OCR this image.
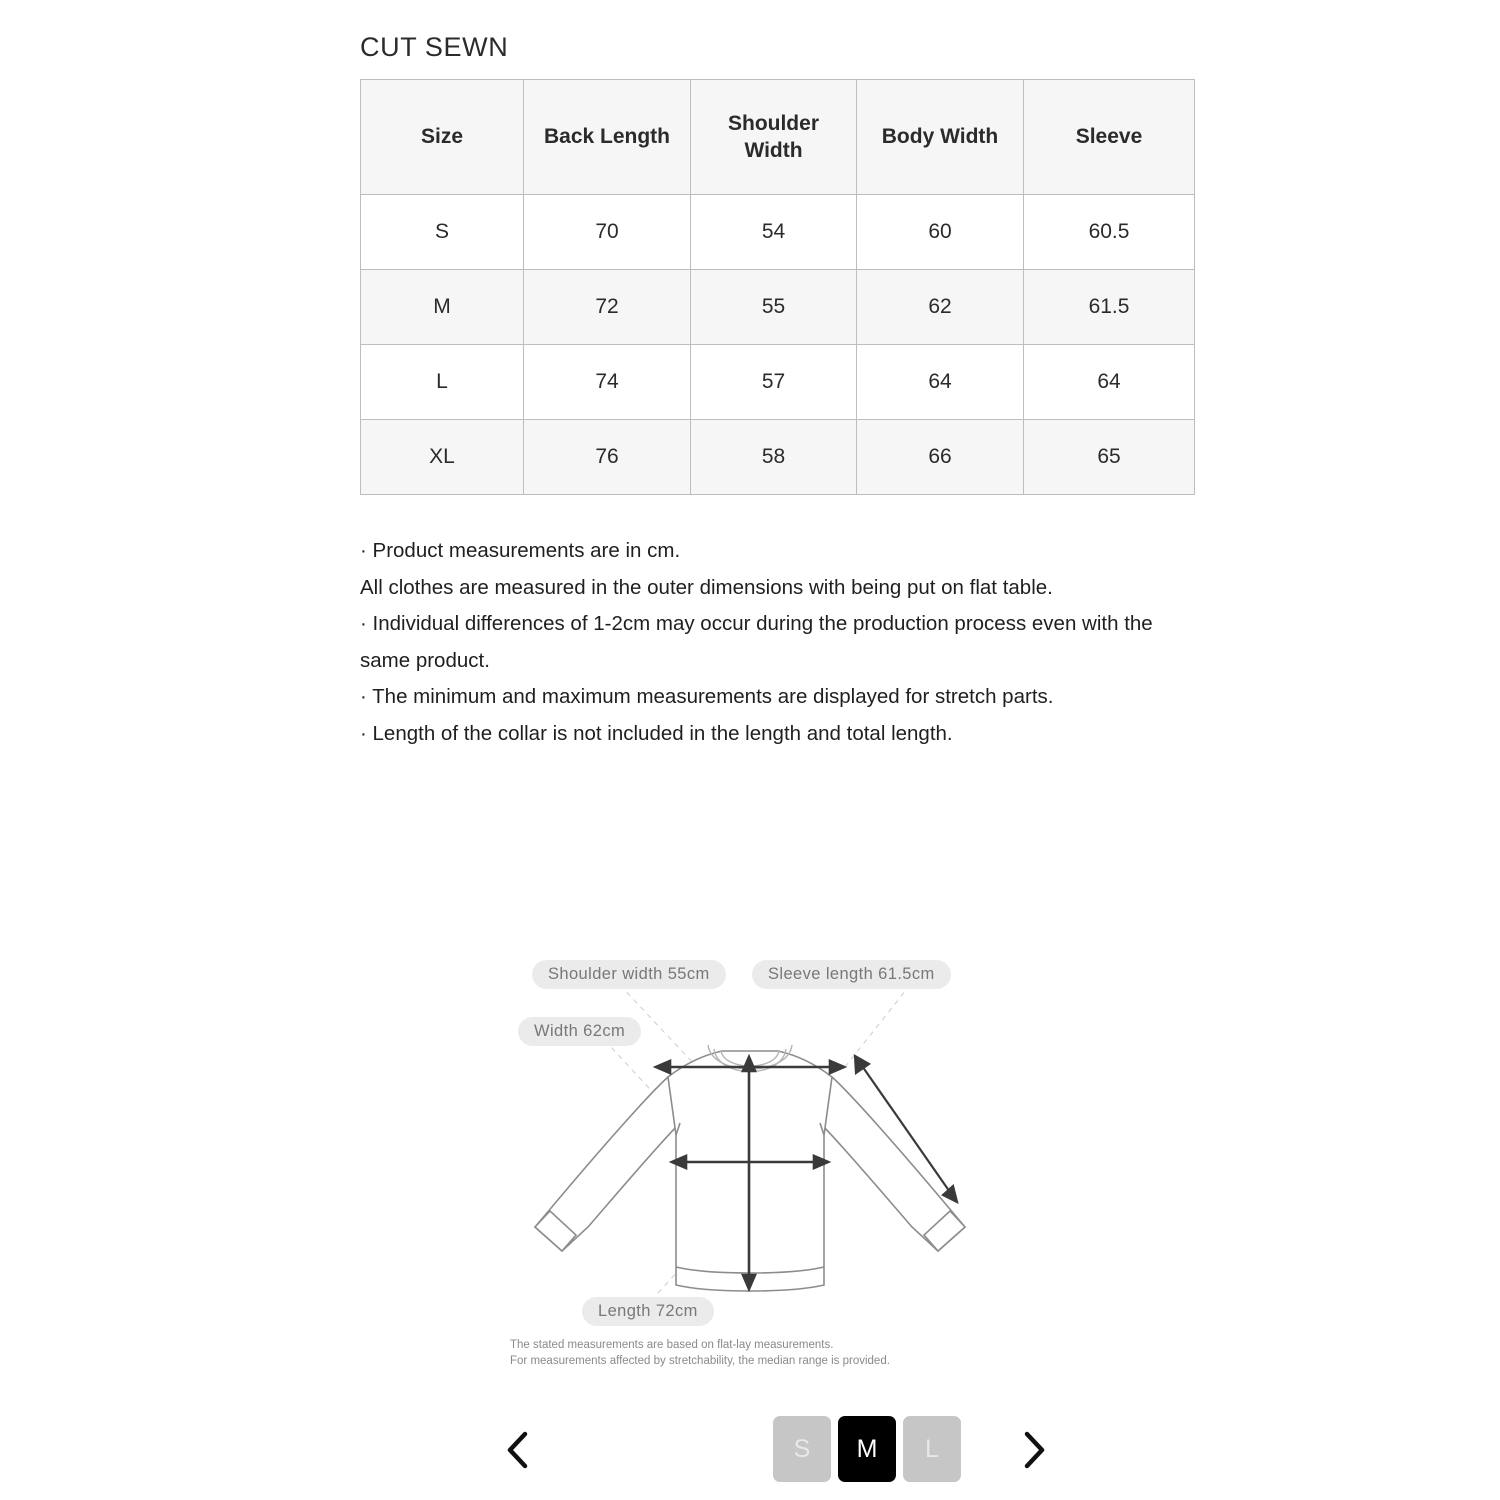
CUT SEWN
Size	Back Length	Shoulder Width	Body Width	Sleeve
S	70	54	60	60.5
M	72	55	62	61.5
L	74	57	64	64
XL	76	58	66	65
· Product measurements are in cm.
All clothes are measured in the outer dimensions with being put on flat table.
· Individual differences of 1-2cm may occur during the production process even with the same product.
· The minimum and maximum measurements are displayed for stretch parts.
· Length of the collar is not included in the length and total length.
Shoulder width 55cm	Sleeve length 61.5cm
Width 62cm
Length 72cm
The stated measurements are based on flat-lay measurements.
For measurements affected by stretchability, the median range is provided.
S	M	L
